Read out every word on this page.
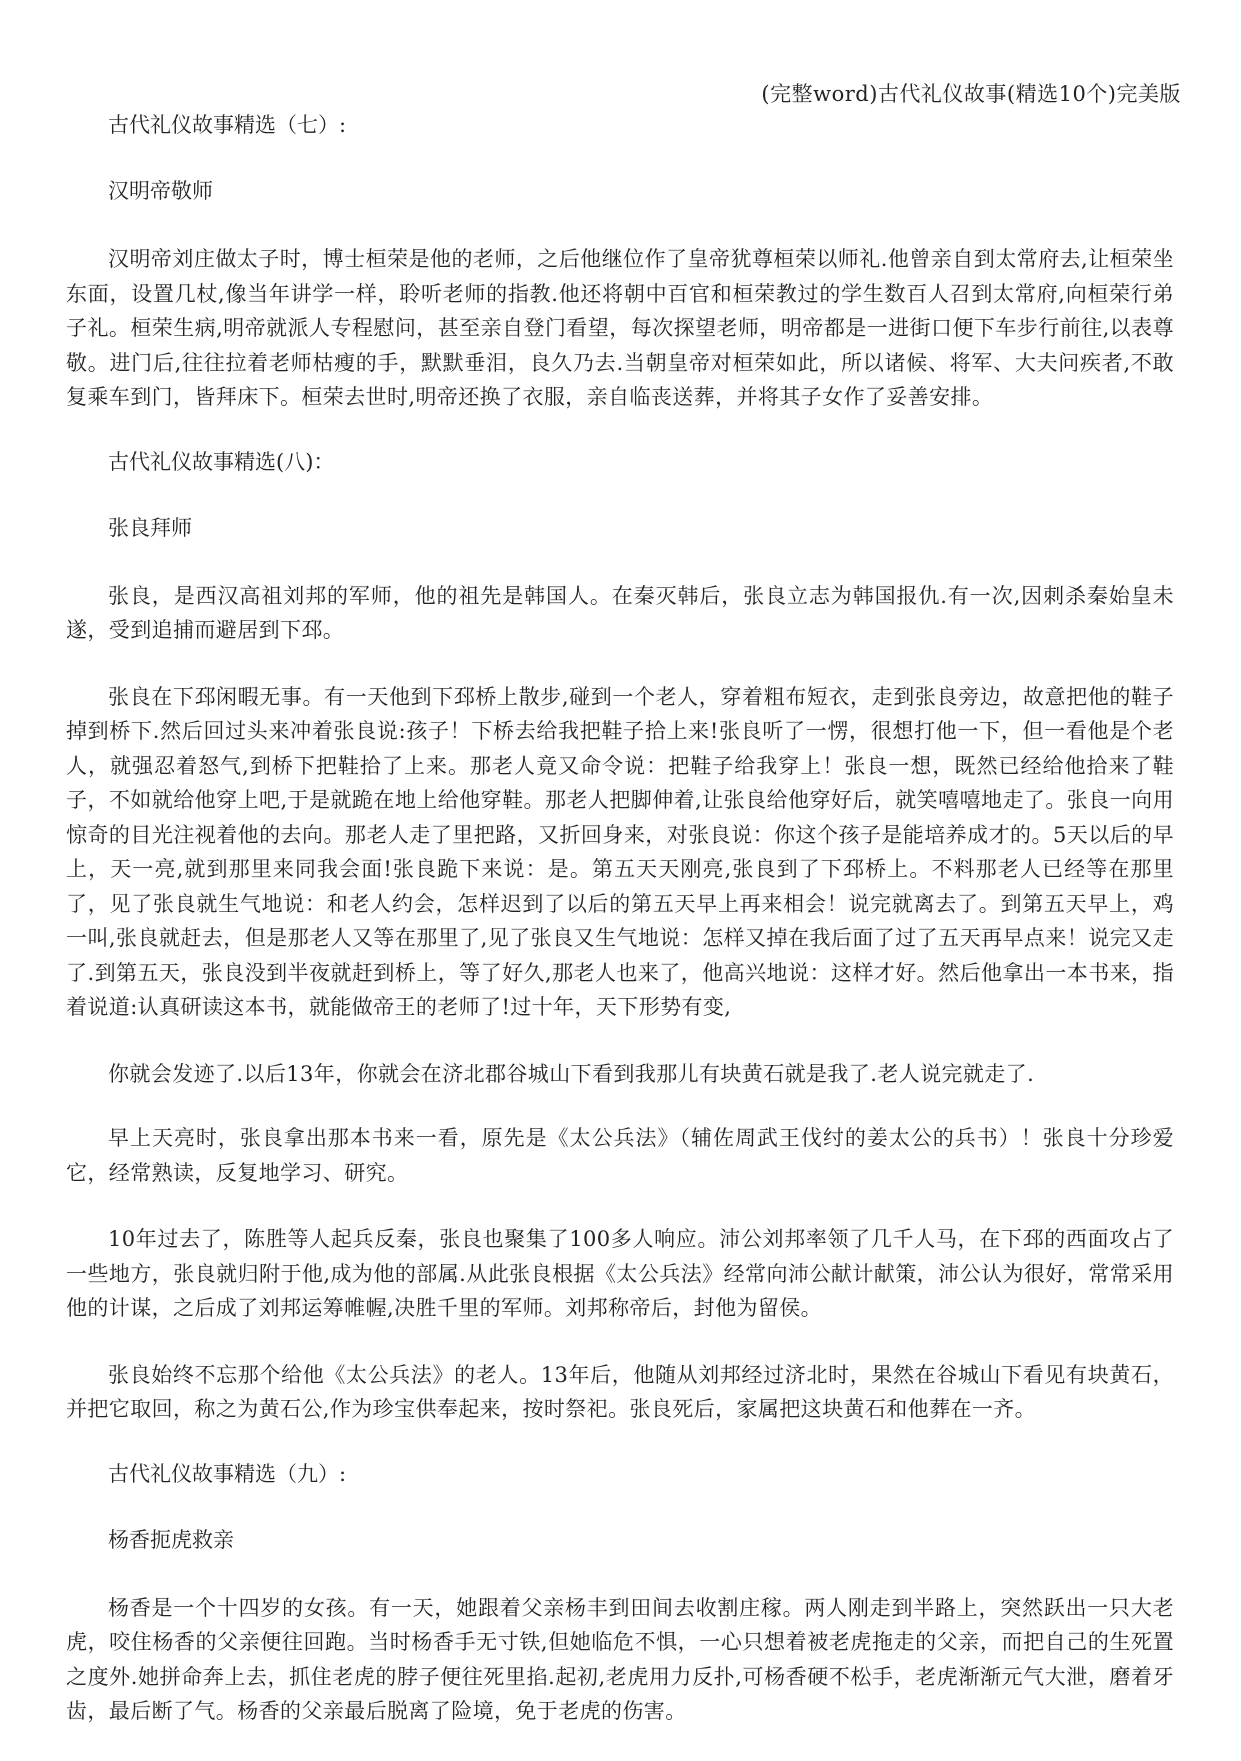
(完整word)古代礼仪故事(精选10个)完美版
古代礼仪故事精选（七）:
汉明帝敬师

汉明帝刘庄做太子时，博士桓荣是他的老师，之后他继位作了皇帝犹尊桓荣以师礼.他曾亲自到太常府去,让桓荣坐东面，设置几杖,像当年讲学一样，聆听老师的指教.他还将朝中百官和桓荣教过的学生数百人召到太常府,向桓荣行弟子礼。桓荣生病,明帝就派人专程慰问，甚至亲自登门看望，每次探望老师，明帝都是一进街口便下车步行前往,以表尊敬。进门后,往往拉着老师枯瘦的手，默默垂泪，良久乃去.当朝皇帝对桓荣如此，所以诸候、将军、大夫问疾者,不敢复乘车到门，皆拜床下。桓荣去世时,明帝还换了衣服，亲自临丧送葬，并将其子女作了妥善安排。

古代礼仪故事精选(八)：
张良拜师

张良，是西汉高祖刘邦的军师，他的祖先是韩国人。在秦灭韩后，张良立志为韩国报仇.有一次,因刺杀秦始皇未遂，受到追捕而避居到下邳。

张良在下邳闲暇无事。有一天他到下邳桥上散步,碰到一个老人，穿着粗布短衣，走到张良旁边，故意把他的鞋子掉到桥下.然后回过头来冲着张良说:孩子！下桥去给我把鞋子拾上来!张良听了一愣，很想打他一下，但一看他是个老人，就强忍着怒气,到桥下把鞋拾了上来。那老人竟又命令说：把鞋子给我穿上！张良一想，既然已经给他拾来了鞋子，不如就给他穿上吧,于是就跪在地上给他穿鞋。那老人把脚伸着,让张良给他穿好后，就笑嘻嘻地走了。张良一向用惊奇的目光注视着他的去向。那老人走了里把路，又折回身来，对张良说：你这个孩子是能培养成才的。5天以后的早上，天一亮,就到那里来同我会面!张良跪下来说：是。第五天天刚亮,张良到了下邳桥上。不料那老人已经等在那里了，见了张良就生气地说：和老人约会，怎样迟到了以后的第五天早上再来相会！说完就离去了。到第五天早上，鸡一叫,张良就赶去，但是那老人又等在那里了,见了张良又生气地说：怎样又掉在我后面了过了五天再早点来！说完又走了.到第五天，张良没到半夜就赶到桥上，等了好久,那老人也来了，他高兴地说：这样才好。然后他拿出一本书来，指着说道:认真研读这本书，就能做帝王的老师了!过十年，天下形势有变,

你就会发迹了.以后13年，你就会在济北郡谷城山下看到我那儿有块黄石就是我了.老人说完就走了.

早上天亮时，张良拿出那本书来一看，原先是《太公兵法》（辅佐周武王伐纣的姜太公的兵书）！张良十分珍爱它，经常熟读，反复地学习、研究。

10年过去了，陈胜等人起兵反秦，张良也聚集了100多人响应。沛公刘邦率领了几千人马，在下邳的西面攻占了一些地方，张良就归附于他,成为他的部属.从此张良根据《太公兵法》经常向沛公献计献策，沛公认为很好，常常采用他的计谋，之后成了刘邦运筹帷幄,决胜千里的军师。刘邦称帝后，封他为留侯。

张良始终不忘那个给他《太公兵法》的老人。13年后，他随从刘邦经过济北时，果然在谷城山下看见有块黄石，并把它取回，称之为黄石公,作为珍宝供奉起来，按时祭祀。张良死后，家属把这块黄石和他葬在一齐。

古代礼仪故事精选（九）:
杨香扼虎救亲

杨香是一个十四岁的女孩。有一天，她跟着父亲杨丰到田间去收割庄稼。两人刚走到半路上，突然跃出一只大老虎，咬住杨香的父亲便往回跑。当时杨香手无寸铁,但她临危不惧，一心只想着被老虎拖走的父亲，而把自己的生死置之度外.她拼命奔上去，抓住老虎的脖子便往死里掐.起初,老虎用力反扑,可杨香硬不松手，老虎渐渐元气大泄，磨着牙齿，最后断了气。杨香的父亲最后脱离了险境，免于老虎的伤害。
